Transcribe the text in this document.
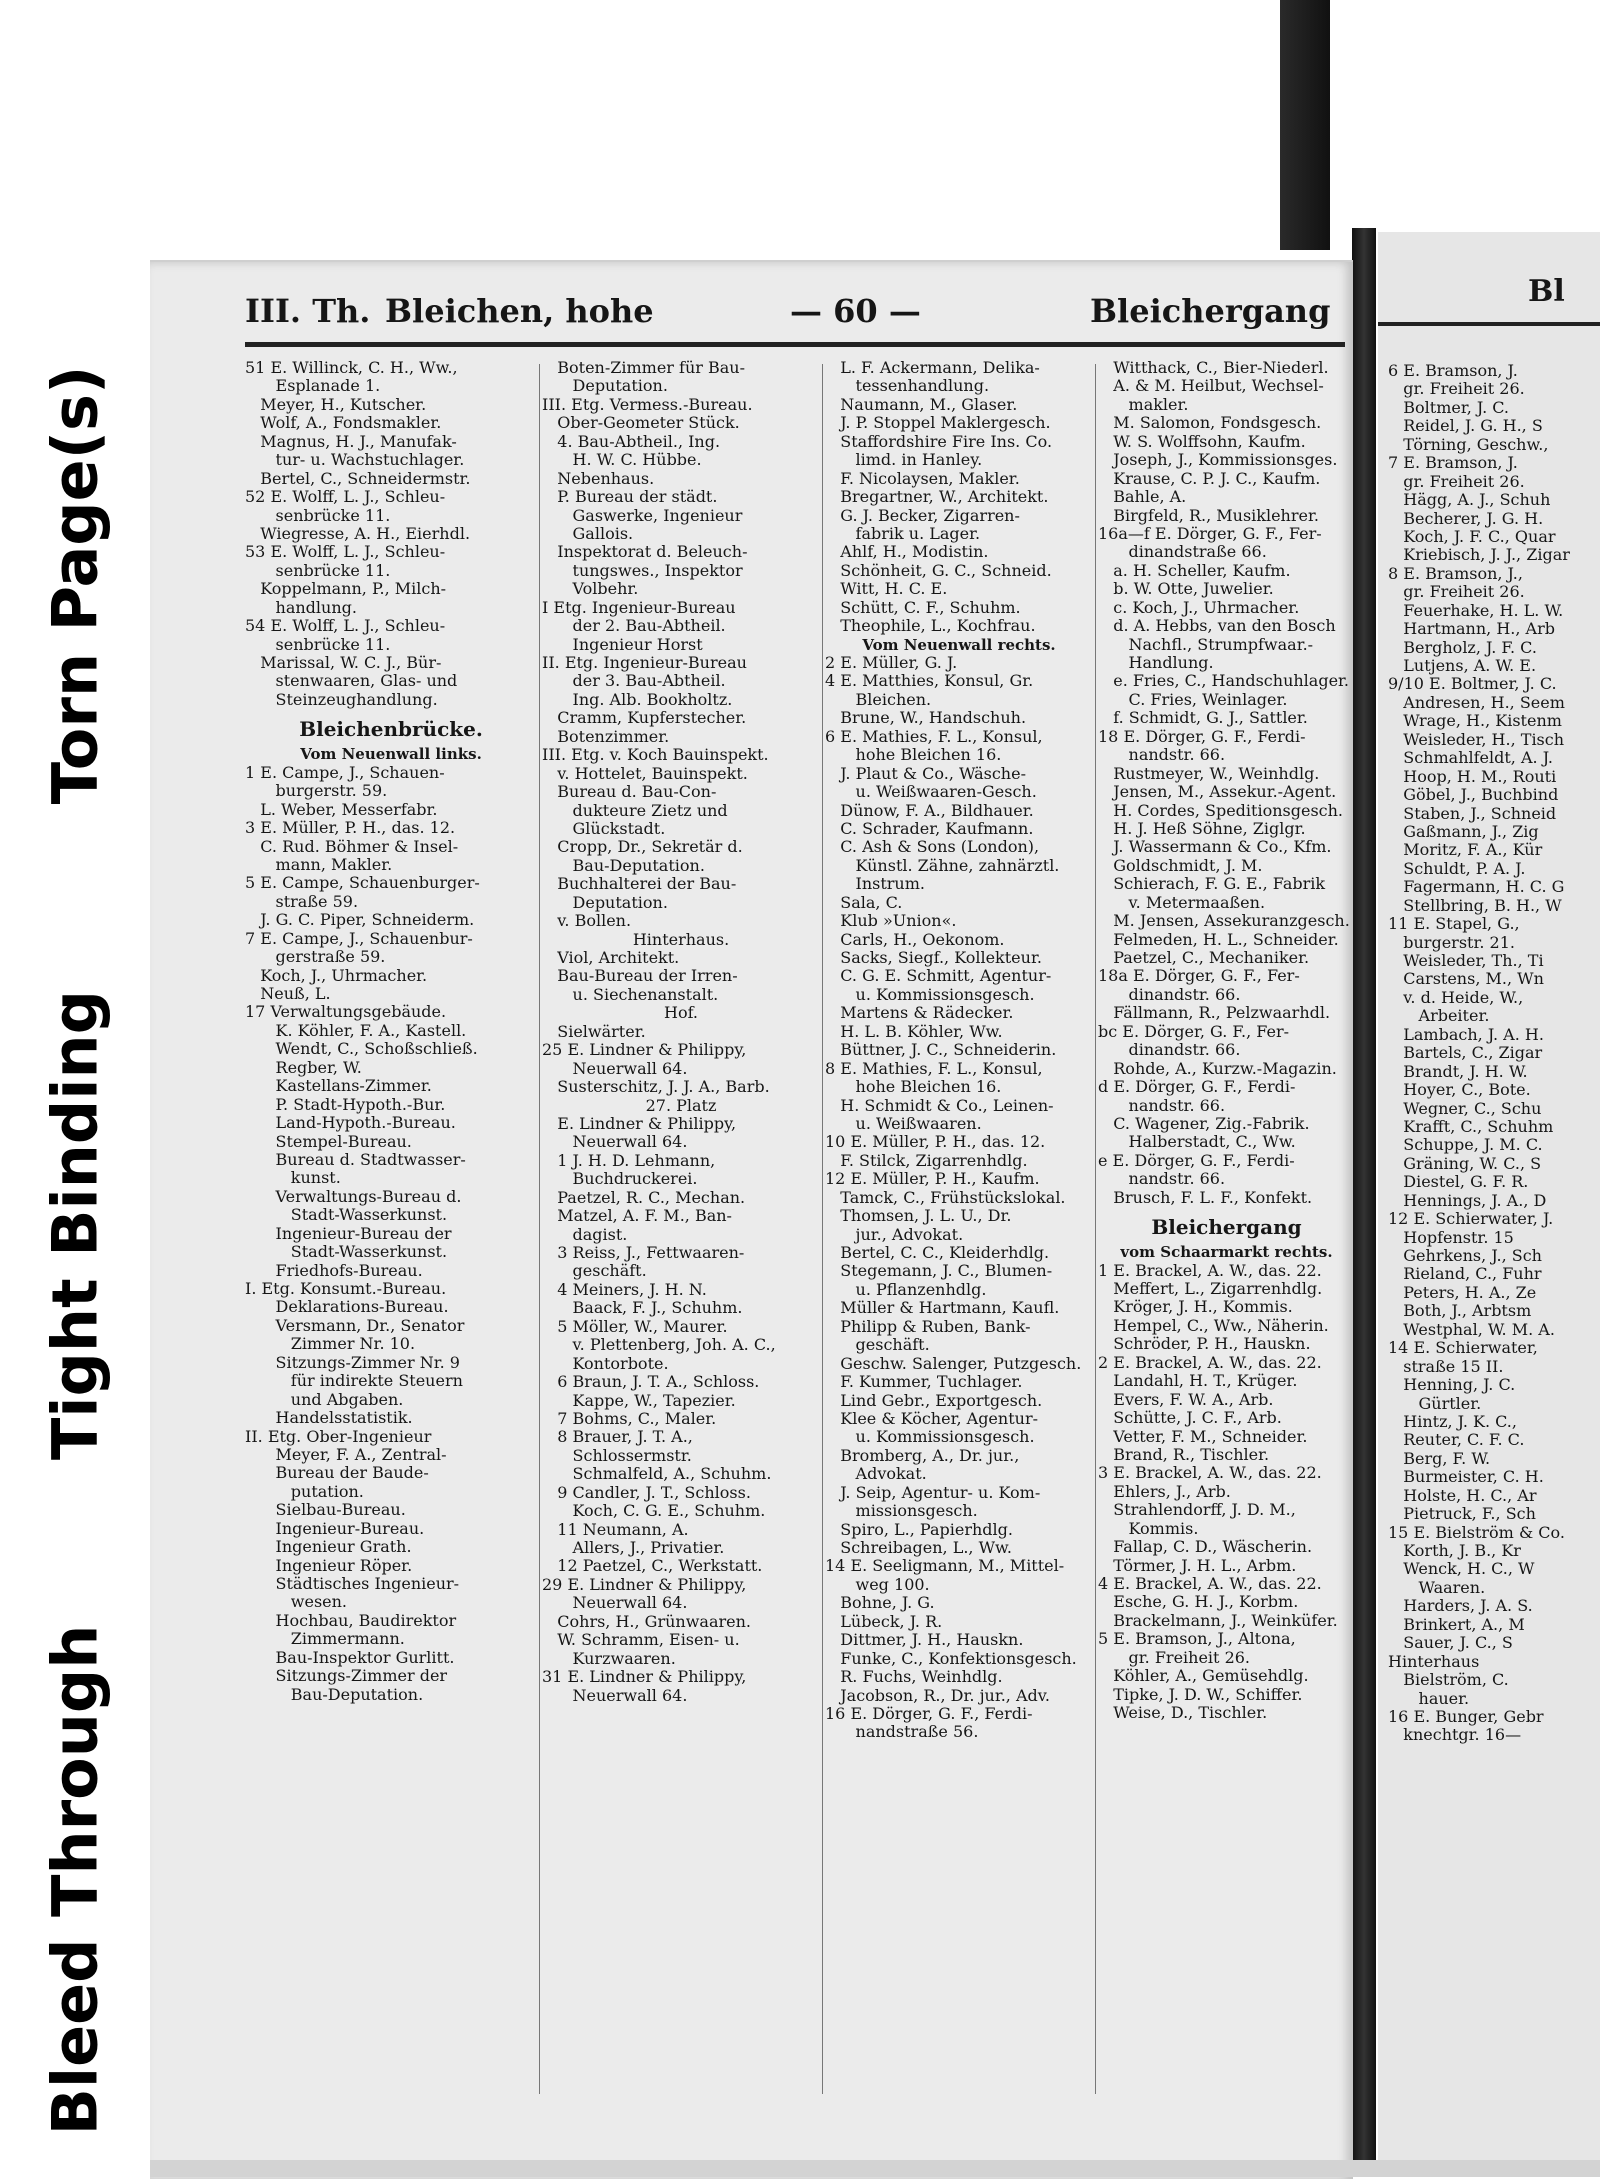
Torn Page(s)
Tight Binding
Bleed Through
III. Th. Bleichen, hohe	— 60 —	Bleichergang
51 E. Willinck, C. H., Ww.,
Esplanade 1.
Meyer, H., Kutscher.
Wolf, A., Fondsmakler.
Magnus, H. J., Manufak-
tur- u. Wachstuchlager.
Bertel, C., Schneidermstr.
52 E. Wolff, L. J., Schleu-
senbrücke 11.
Wiegresse, A. H., Eierhdl.
53 E. Wolff, L. J., Schleu-
senbrücke 11.
Koppelmann, P., Milch-
handlung.
54 E. Wolff, L. J., Schleu-
senbrücke 11.
Marissal, W. C. J., Bür-
stenwaaren, Glas- und
Steinzeughandlung.
Bleichenbrücke.
Vom Neuenwall links.
1 E. Campe, J., Schauen-
burgerstr. 59.
L. Weber, Messerfabr.
3 E. Müller, P. H., das. 12.
C. Rud. Böhmer & Insel-
mann, Makler.
5 E. Campe, Schauenburger-
straße 59.
J. G. C. Piper, Schneiderm.
7 E. Campe, J., Schauenbur-
gerstraße 59.
Koch, J., Uhrmacher.
Neuß, L.
17 Verwaltungsgebäude.
K. Köhler, F. A., Kastell.
Wendt, C., Schoßschließ.
Regber, W.
Kastellans-Zimmer.
P. Stadt-Hypoth.-Bur.
Land-Hypoth.-Bureau.
Stempel-Bureau.
Bureau d. Stadtwasser-
kunst.
Verwaltungs-Bureau d.
Stadt-Wasserkunst.
Ingenieur-Bureau der
Stadt-Wasserkunst.
Friedhofs-Bureau.
I. Etg. Konsumt.-Bureau.
Deklarations-Bureau.
Versmann, Dr., Senator
Zimmer Nr. 10.
Sitzungs-Zimmer Nr. 9
für indirekte Steuern
und Abgaben.
Handelsstatistik.
II. Etg. Ober-Ingenieur
Meyer, F. A., Zentral-
Bureau der Baude-
putation.
Sielbau-Bureau.
Ingenieur-Bureau.
Ingenieur Grath.
Ingenieur Röper.
Städtisches Ingenieur-
wesen.
Hochbau, Baudirektor
Zimmermann.
Bau-Inspektor Gurlitt.
Sitzungs-Zimmer der
Bau-Deputation.
Boten-Zimmer für Bau-
Deputation.
III. Etg. Vermess.-Bureau.
Ober-Geometer Stück.
4. Bau-Abtheil., Ing.
H. W. C. Hübbe.
Nebenhaus.
P. Bureau der städt.
Gaswerke, Ingenieur
Gallois.
Inspektorat d. Beleuch-
tungswes., Inspektor
Volbehr.
I Etg. Ingenieur-Bureau
der 2. Bau-Abtheil.
Ingenieur Horst
II. Etg. Ingenieur-Bureau
der 3. Bau-Abtheil.
Ing. Alb. Bookholtz.
Cramm, Kupferstecher.
Botenzimmer.
III. Etg. v. Koch Bauinspekt.
v. Hottelet, Bauinspekt.
Bureau d. Bau-Con-
dukteure Zietz und
Glückstadt.
Cropp, Dr., Sekretär d.
Bau-Deputation.
Buchhalterei der Bau-
Deputation.
v. Bollen.
Hinterhaus.
Viol, Architekt.
Bau-Bureau der Irren-
u. Siechenanstalt.
Hof.
Sielwärter.
25 E. Lindner & Philippy,
Neuerwall 64.
Susterschitz, J. J. A., Barb.
27. Platz
E. Lindner & Philippy,
Neuerwall 64.
1 J. H. D. Lehmann,
Buchdruckerei.
Paetzel, R. C., Mechan.
Matzel, A. F. M., Ban-
dagist.
3 Reiss, J., Fettwaaren-
geschäft.
4 Meiners, J. H. N.
Baack, F. J., Schuhm.
5 Möller, W., Maurer.
v. Plettenberg, Joh. A. C.,
Kontorbote.
6 Braun, J. T. A., Schloss.
Kappe, W., Tapezier.
7 Bohms, C., Maler.
8 Brauer, J. T. A.,
Schlossermstr.
Schmalfeld, A., Schuhm.
9 Candler, J. T., Schloss.
Koch, C. G. E., Schuhm.
11 Neumann, A.
Allers, J., Privatier.
12 Paetzel, C., Werkstatt.
29 E. Lindner & Philippy,
Neuerwall 64.
Cohrs, H., Grünwaaren.
W. Schramm, Eisen- u.
Kurzwaaren.
31 E. Lindner & Philippy,
Neuerwall 64.
L. F. Ackermann, Delika-
tessenhandlung.
Naumann, M., Glaser.
J. P. Stoppel Maklergesch.
Staffordshire Fire Ins. Co.
limd. in Hanley.
F. Nicolaysen, Makler.
Bregartner, W., Architekt.
G. J. Becker, Zigarren-
fabrik u. Lager.
Ahlf, H., Modistin.
Schönheit, G. C., Schneid.
Witt, H. C. E.
Schütt, C. F., Schuhm.
Theophile, L., Kochfrau.
Vom Neuenwall rechts.
2 E. Müller, G. J.
4 E. Matthies, Konsul, Gr.
Bleichen.
Brune, W., Handschuh.
6 E. Mathies, F. L., Konsul,
hohe Bleichen 16.
J. Plaut & Co., Wäsche-
u. Weißwaaren-Gesch.
Dünow, F. A., Bildhauer.
C. Schrader, Kaufmann.
C. Ash & Sons (London),
Künstl. Zähne, zahnärztl.
Instrum.
Sala, C.
Klub »Union«.
Carls, H., Oekonom.
Sacks, Siegf., Kollekteur.
C. G. E. Schmitt, Agentur-
u. Kommissionsgesch.
Martens & Rädecker.
H. L. B. Köhler, Ww.
Büttner, J. C., Schneiderin.
8 E. Mathies, F. L., Konsul,
hohe Bleichen 16.
H. Schmidt & Co., Leinen-
u. Weißwaaren.
10 E. Müller, P. H., das. 12.
F. Stilck, Zigarrenhdlg.
12 E. Müller, P. H., Kaufm.
Tamck, C., Frühstückslokal.
Thomsen, J. L. U., Dr.
jur., Advokat.
Bertel, C. C., Kleiderhdlg.
Stegemann, J. C., Blumen-
u. Pflanzenhdlg.
Müller & Hartmann, Kaufl.
Philipp & Ruben, Bank-
geschäft.
Geschw. Salenger, Putzgesch.
F. Kummer, Tuchlager.
Lind Gebr., Exportgesch.
Klee & Köcher, Agentur-
u. Kommissionsgesch.
Bromberg, A., Dr. jur.,
Advokat.
J. Seip, Agentur- u. Kom-
missionsgesch.
Spiro, L., Papierhdlg.
Schreibagen, L., Ww.
14 E. Seeligmann, M., Mittel-
weg 100.
Bohne, J. G.
Lübeck, J. R.
Dittmer, J. H., Hauskn.
Funke, C., Konfektionsgesch.
R. Fuchs, Weinhdlg.
Jacobson, R., Dr. jur., Adv.
16 E. Dörger, G. F., Ferdi-
nandstraße 56.
Witthack, C., Bier-Niederl.
A. & M. Heilbut, Wechsel-
makler.
M. Salomon, Fondsgesch.
W. S. Wolffsohn, Kaufm.
Joseph, J., Kommissionsges.
Krause, C. P. J. C., Kaufm.
Bahle, A.
Birgfeld, R., Musiklehrer.
16a—f E. Dörger, G. F., Fer-
dinandstraße 66.
a. H. Scheller, Kaufm.
b. W. Otte, Juwelier.
c. Koch, J., Uhrmacher.
d. A. Hebbs, van den Bosch
Nachfl., Strumpfwaar.-
Handlung.
e. Fries, C., Handschuhlager.
C. Fries, Weinlager.
f. Schmidt, G. J., Sattler.
18 E. Dörger, G. F., Ferdi-
nandstr. 66.
Rustmeyer, W., Weinhdlg.
Jensen, M., Assekur.-Agent.
H. Cordes, Speditionsgesch.
H. J. Heß Söhne, Ziglgr.
J. Wassermann & Co., Kfm.
Goldschmidt, J. M.
Schierach, F. G. E., Fabrik
v. Metermaaßen.
M. Jensen, Assekuranzgesch.
Felmeden, H. L., Schneider.
Paetzel, C., Mechaniker.
18a E. Dörger, G. F., Fer-
dinandstr. 66.
Fällmann, R., Pelzwaarhdl.
bc E. Dörger, G. F., Fer-
dinandstr. 66.
Rohde, A., Kurzw.-Magazin.
d E. Dörger, G. F., Ferdi-
nandstr. 66.
C. Wagener, Zig.-Fabrik.
Halberstadt, C., Ww.
e E. Dörger, G. F., Ferdi-
nandstr. 66.
Brusch, F. L. F., Konfekt.
Bleichergang
vom Schaarmarkt rechts.
1 E. Brackel, A. W., das. 22.
Meffert, L., Zigarrenhdlg.
Kröger, J. H., Kommis.
Hempel, C., Ww., Näherin.
Schröder, P. H., Hauskn.
2 E. Brackel, A. W., das. 22.
Landahl, H. T., Krüger.
Evers, F. W. A., Arb.
Schütte, J. C. F., Arb.
Vetter, F. M., Schneider.
Brand, R., Tischler.
3 E. Brackel, A. W., das. 22.
Ehlers, J., Arb.
Strahlendorff, J. D. M.,
Kommis.
Fallap, C. D., Wäscherin.
Törmer, J. H. L., Arbm.
4 E. Brackel, A. W., das. 22.
Esche, G. H. J., Korbm.
Brackelmann, J., Weinküfer.
5 E. Bramson, J., Altona,
gr. Freiheit 26.
Köhler, A., Gemüsehdlg.
Tipke, J. D. W., Schiffer.
Weise, D., Tischler.
Bl
6 E. Bramson, J.
gr. Freiheit 26.
Boltmer, J. C.
Reidel, J. G. H., S
Törning, Geschw.,
7 E. Bramson, J.
gr. Freiheit 26.
Hägg, A. J., Schuh
Becherer, J. G. H.
Koch, J. F. C., Quar
Kriebisch, J. J., Zigar
8 E. Bramson, J.,
gr. Freiheit 26.
Feuerhake, H. L. W.
Hartmann, H., Arb
Bergholz, J. F. C.
Lutjens, A. W. E.
9/10 E. Boltmer, J. C.
Andresen, H., Seem
Wrage, H., Kistenm
Weisleder, H., Tisch
Schmahlfeldt, A. J.
Hoop, H. M., Routi
Göbel, J., Buchbind
Staben, J., Schneid
Gaßmann, J., Zig
Moritz, F. A., Kür
Schuldt, P. A. J.
Fagermann, H. C. G
Stellbring, B. H., W
11 E. Stapel, G.,
burgerstr. 21.
Weisleder, Th., Ti
Carstens, M., Wn
v. d. Heide, W.,
Arbeiter.
Lambach, J. A. H.
Bartels, C., Zigar
Brandt, J. H. W.
Hoyer, C., Bote.
Wegner, C., Schu
Krafft, C., Schuhm
Schuppe, J. M. C.
Gräning, W. C., S
Diestel, G. F. R.
Hennings, J. A., D
12 E. Schierwater, J.
Hopfenstr. 15
Gehrkens, J., Sch
Rieland, C., Fuhr
Peters, H. A., Ze
Both, J., Arbtsm
Westphal, W. M. A.
14 E. Schierwater,
straße 15 II.
Henning, J. C.
Gürtler.
Hintz, J. K. C.,
Reuter, C. F. C.
Berg, F. W.
Burmeister, C. H.
Holste, H. C., Ar
Pietruck, F., Sch
15 E. Bielström & Co.
Korth, J. B., Kr
Wenck, H. C., W
Waaren.
Harders, J. A. S.
Brinkert, A., M
Sauer, J. C., S
Hinterhaus
Bielström, C.
hauer.
16 E. Bunger, Gebr
knechtgr. 16—
